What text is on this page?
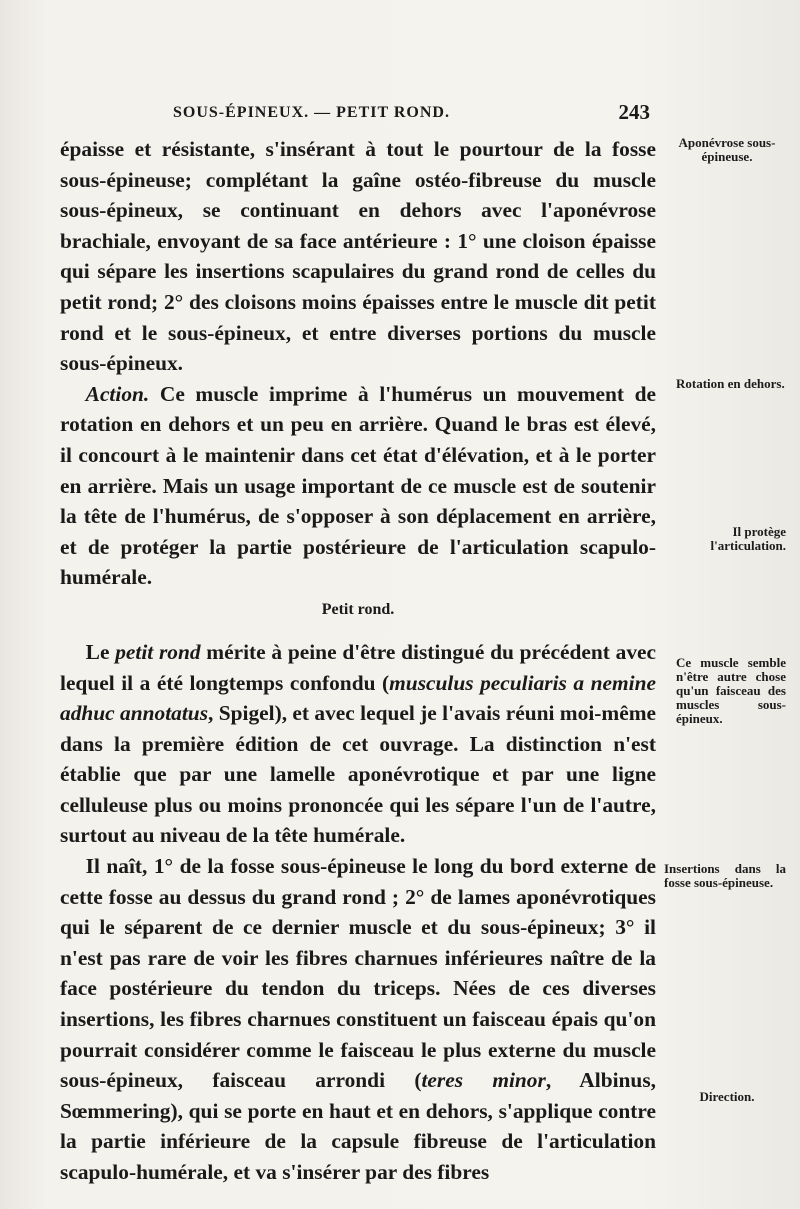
SOUS-ÉPINEUX. — PETIT ROND.	243

épaisse et résistante, s'insérant à tout le pourtour de la fosse sous-épineuse; complétant la gaîne ostéo-fibreuse du muscle sous-épineux, se continuant en dehors avec l'aponévrose brachiale, envoyant de sa face antérieure : 1° une cloison épaisse qui sépare les insertions scapulaires du grand rond de celles du petit rond; 2° des cloisons moins épaisses entre le muscle dit petit rond et le sous-épineux, et entre diverses portions du muscle sous-épineux.

Action. Ce muscle imprime à l'humérus un mouvement de rotation en dehors et un peu en arrière. Quand le bras est élevé, il concourt à le maintenir dans cet état d'élévation, et à le porter en arrière. Mais un usage important de ce muscle est de soutenir la tête de l'humérus, de s'opposer à son déplacement en arrière, et de protéger la partie postérieure de l'articulation scapulo-humérale.

Petit rond.

Le petit rond mérite à peine d'être distingué du précédent avec lequel il a été longtemps confondu (musculus peculiaris a nemine adhuc annotatus, Spigel), et avec lequel je l'avais réuni moi-même dans la première édition de cet ouvrage. La distinction n'est établie que par une lamelle aponévrotique et par une ligne celluleuse plus ou moins prononcée qui les sépare l'un de l'autre, surtout au niveau de la tête humérale.

Il naît, 1° de la fosse sous-épineuse le long du bord externe de cette fosse au dessus du grand rond ; 2° de lames aponévrotiques qui le séparent de ce dernier muscle et du sous-épineux; 3° il n'est pas rare de voir les fibres charnues inférieures naître de la face postérieure du tendon du triceps. Nées de ces diverses insertions, les fibres charnues constituent un faisceau épais qu'on pourrait considérer comme le faisceau le plus externe du muscle sous-épineux, faisceau arrondi (teres minor, Albinus, Sœmmering), qui se porte en haut et en dehors, s'applique contre la partie inférieure de la capsule fibreuse de l'articulation scapulo-humérale, et va s'insérer par des fibres

Aponévrose sous-épineuse.
Rotation en dehors.
Il protège l'articulation.
Ce muscle semble n'être autre chose qu'un faisceau des muscles sous-épineux.
Insertions dans la fosse sous-épineuse.
Direction.
